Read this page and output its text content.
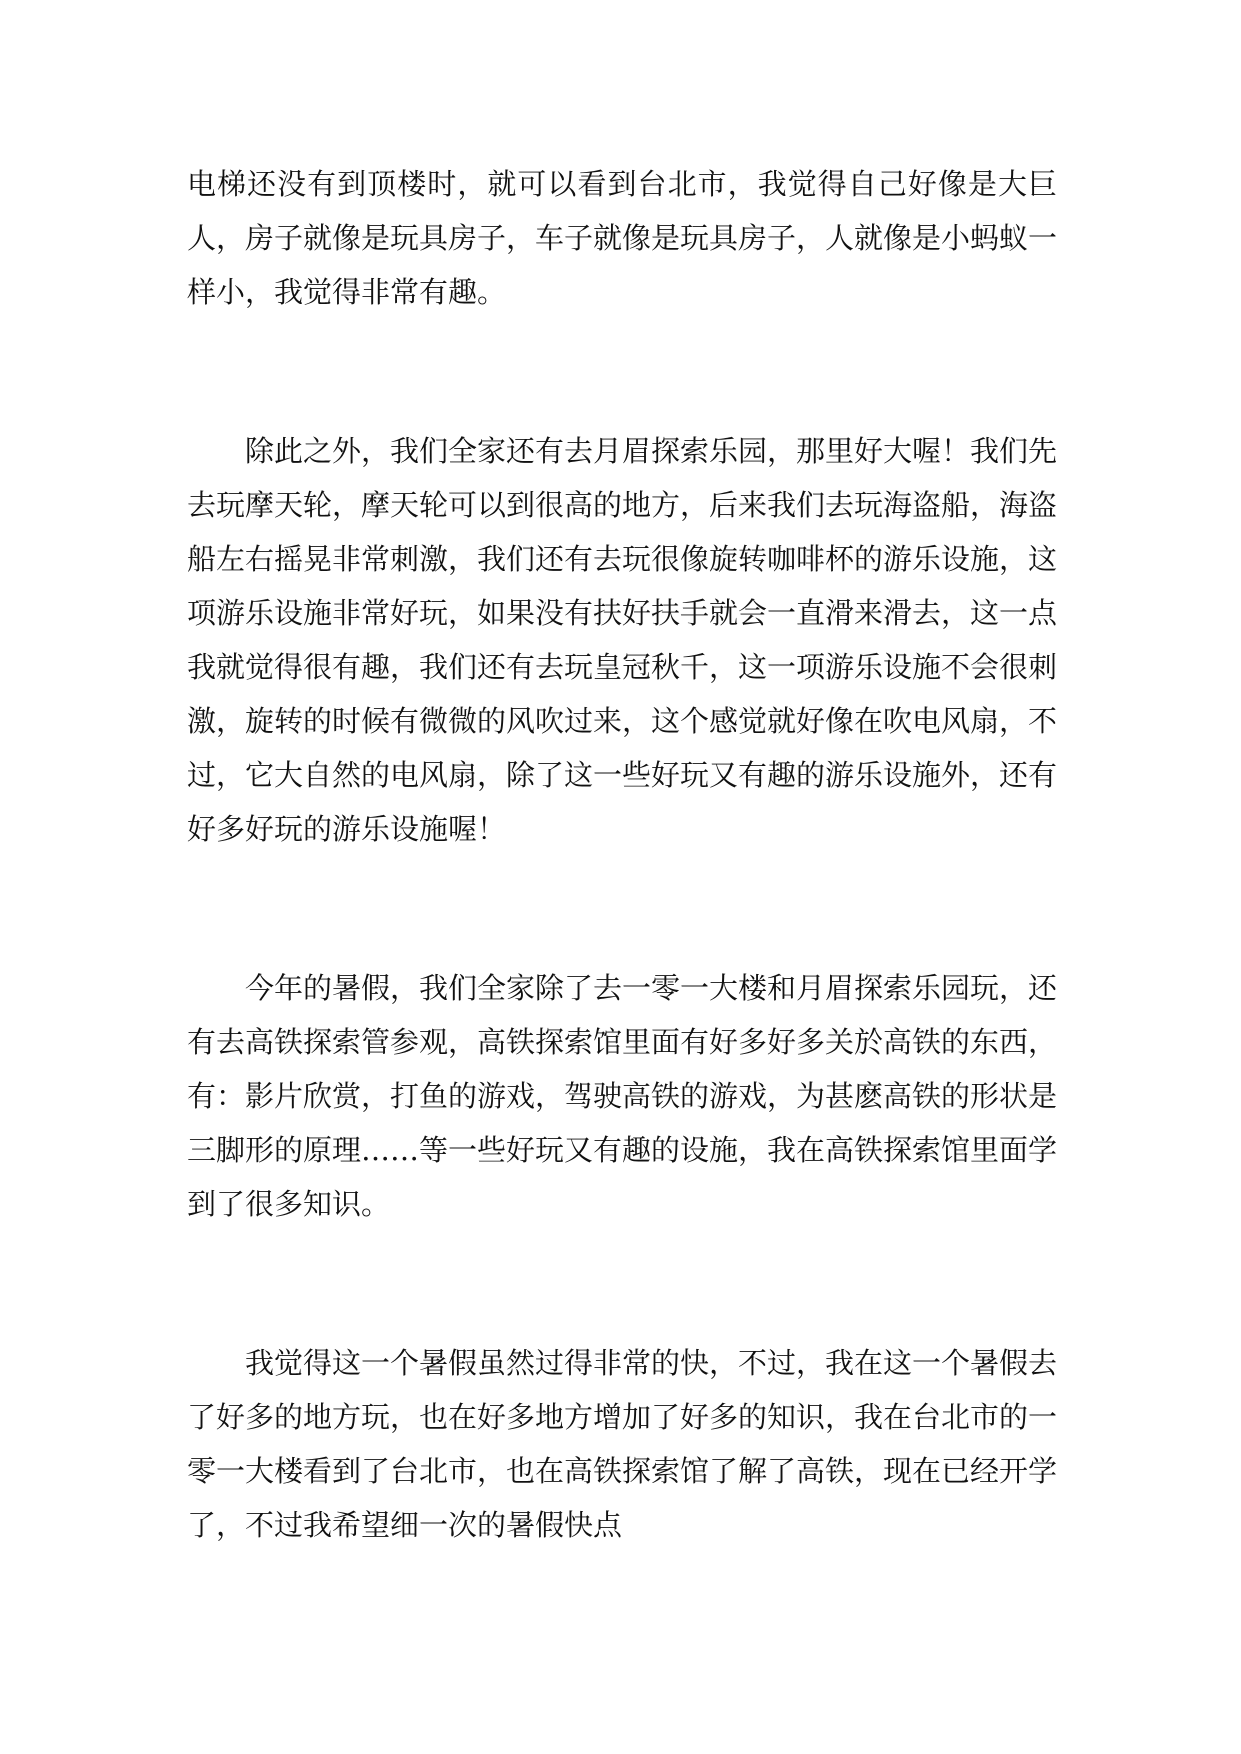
电梯还没有到顶楼时，就可以看到台北市，我觉得自己好像是大巨人，房子就像是玩具房子，车子就像是玩具房子，人就像是小蚂蚁一样小，我觉得非常有趣。

除此之外，我们全家还有去月眉探索乐园，那里好大喔！我们先去玩摩天轮，摩天轮可以到很高的地方，后来我们去玩海盗船，海盗船左右摇晃非常刺激，我们还有去玩很像旋转咖啡杯的游乐设施，这项游乐设施非常好玩，如果没有扶好扶手就会一直滑来滑去，这一点我就觉得很有趣，我们还有去玩皇冠秋千，这一项游乐设施不会很刺激，旋转的时候有微微的风吹过来，这个感觉就好像在吹电风扇，不过，它大自然的电风扇，除了这一些好玩又有趣的游乐设施外，还有好多好玩的游乐设施喔！

今年的暑假，我们全家除了去一零一大楼和月眉探索乐园玩，还有去高铁探索管参观，高铁探索馆里面有好多好多关於高铁的东西，有：影片欣赏，打鱼的游戏，驾驶高铁的游戏，为甚麽高铁的形状是三脚形的原理……等一些好玩又有趣的设施，我在高铁探索馆里面学到了很多知识。

我觉得这一个暑假虽然过得非常的快，不过，我在这一个暑假去了好多的地方玩，也在好多地方增加了好多的知识，我在台北市的一零一大楼看到了台北市，也在高铁探索馆了解了高铁，现在已经开学了，不过我希望细一次的暑假快点
